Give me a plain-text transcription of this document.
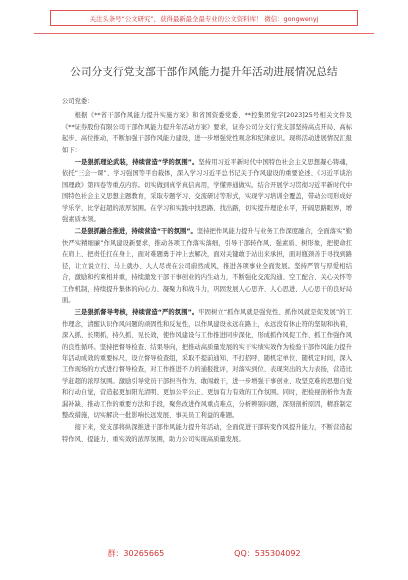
关注头条号“公文研究”，获得最新最全最专业的公文资料库！ 微信：gongwenyj
公司分支行党支部干部作风能力提升年活动进展情况总结

公司党委：

根据《**省干部作风能力提升实施方案》和省国资委党委、**控集团党字[2023]25号相关文件及《**证券股份有限公司干部作风能力提升年活动方案》要求，证券公司分支行党支部坚持高点开局、高标起步、高位推动，不断加强干部作风能力建设，进一步增强党性观念和纪律意识。现将活动进展情况汇报如下：

一是狠抓理论武装，持续营造“学的氛围”。坚持用习近平新时代中国特色社会主义思想凝心铸魂，依托“三会一课”、学习强国等平台载体，深入学习习近平总书记关于作风建设的重要论述、《习近平谈治国理政》第四卷等重点内容。切实做到真学真信真用，学懂弄通做实。结合开展学习贯彻习近平新时代中国特色社会主义思想主题教育，采取专题学习、交流研讨等形式，实现学习培训全覆盖，带动公司形成好学乐学、比学赶超的浓厚氛围。在学习和实践中找思路、找出路，切实提升理论水平，开阔思路眼界，增强素质本领。

二是狠抓融合推进，持续营造“干的氛围”。坚持把作风能力提升与业务工作深度融合，全面落实“勤快严实精细廉”作风建设新要求，推动各项工作落实落细，引导干部转作风、强素质、树形象，把使命扛在肩上、把责任扛在身上，面对难题勇于冲上去解决，面对关键敢于站出来承担，面对瓶颈善于寻找到路径，让立说立行、马上就办、人人尽责在公司蔚然成风，推进各项事业全面发展。坚持严管与厚爱相结合，激励和约束相并重，持续激发干部干事创业的内生动力，不断强化交流沟通、空工配合、关心关怀等工作机制，持续提升集体的向心力、凝聚力和战斗力，巩固发展人心思齐、人心思进、人心思干的良好局面。

三是狠抓督导考核，持续营造“严的氛围”。牢固树立“抓作风就是强党性、抓作风就是促发展”的工作理念，清醒认识作风问题的顽固性和反复性，以作风建设永远在路上，永远没有休止符的坚韧和执着，深入抓、长期抓，持久抓、见长效，使作风建设与工作推进同步深化，形成抓作风促工作、抓工作强作风的良性循环。坚持把督导检查、结果导向，把推动高质量发展的实干实绩实效作为检验干部作风能力提升年活动成效的重要标尺，设立督导检查组，采取不提前通知、不打招呼、随机定单位、随机定时间，深入工作现场的方式进行督导检查，对工作推进不力的通报批评，对落实到位、表现突出的大力表扬，营造比学赶超的浓厚氛围。激励引导党员干部担当作为、敢闯敢干，进一步增强干事创业、攻坚克难的思想自觉和行动自觉，营造起更加阳光清明、更加公平公正、更加有力有效的工作氛围。同时，把检视剖析作为查漏补缺、推动工作的重要方法和手段，聚焦改进作风重点难点，分析辨别问题，深刻剖析原因，精准制定整改措施，切实解决一批影响长远发展、事关员工利益的难题。

接下来，党支部将纵深推进干部作风能力提升年活动，全面促进干部转变作风提升能力，不断营造起特作风、提能力、重实效的浓厚氛围，助力公司实现高质量发展。

群：30265665	QQ：535304092
